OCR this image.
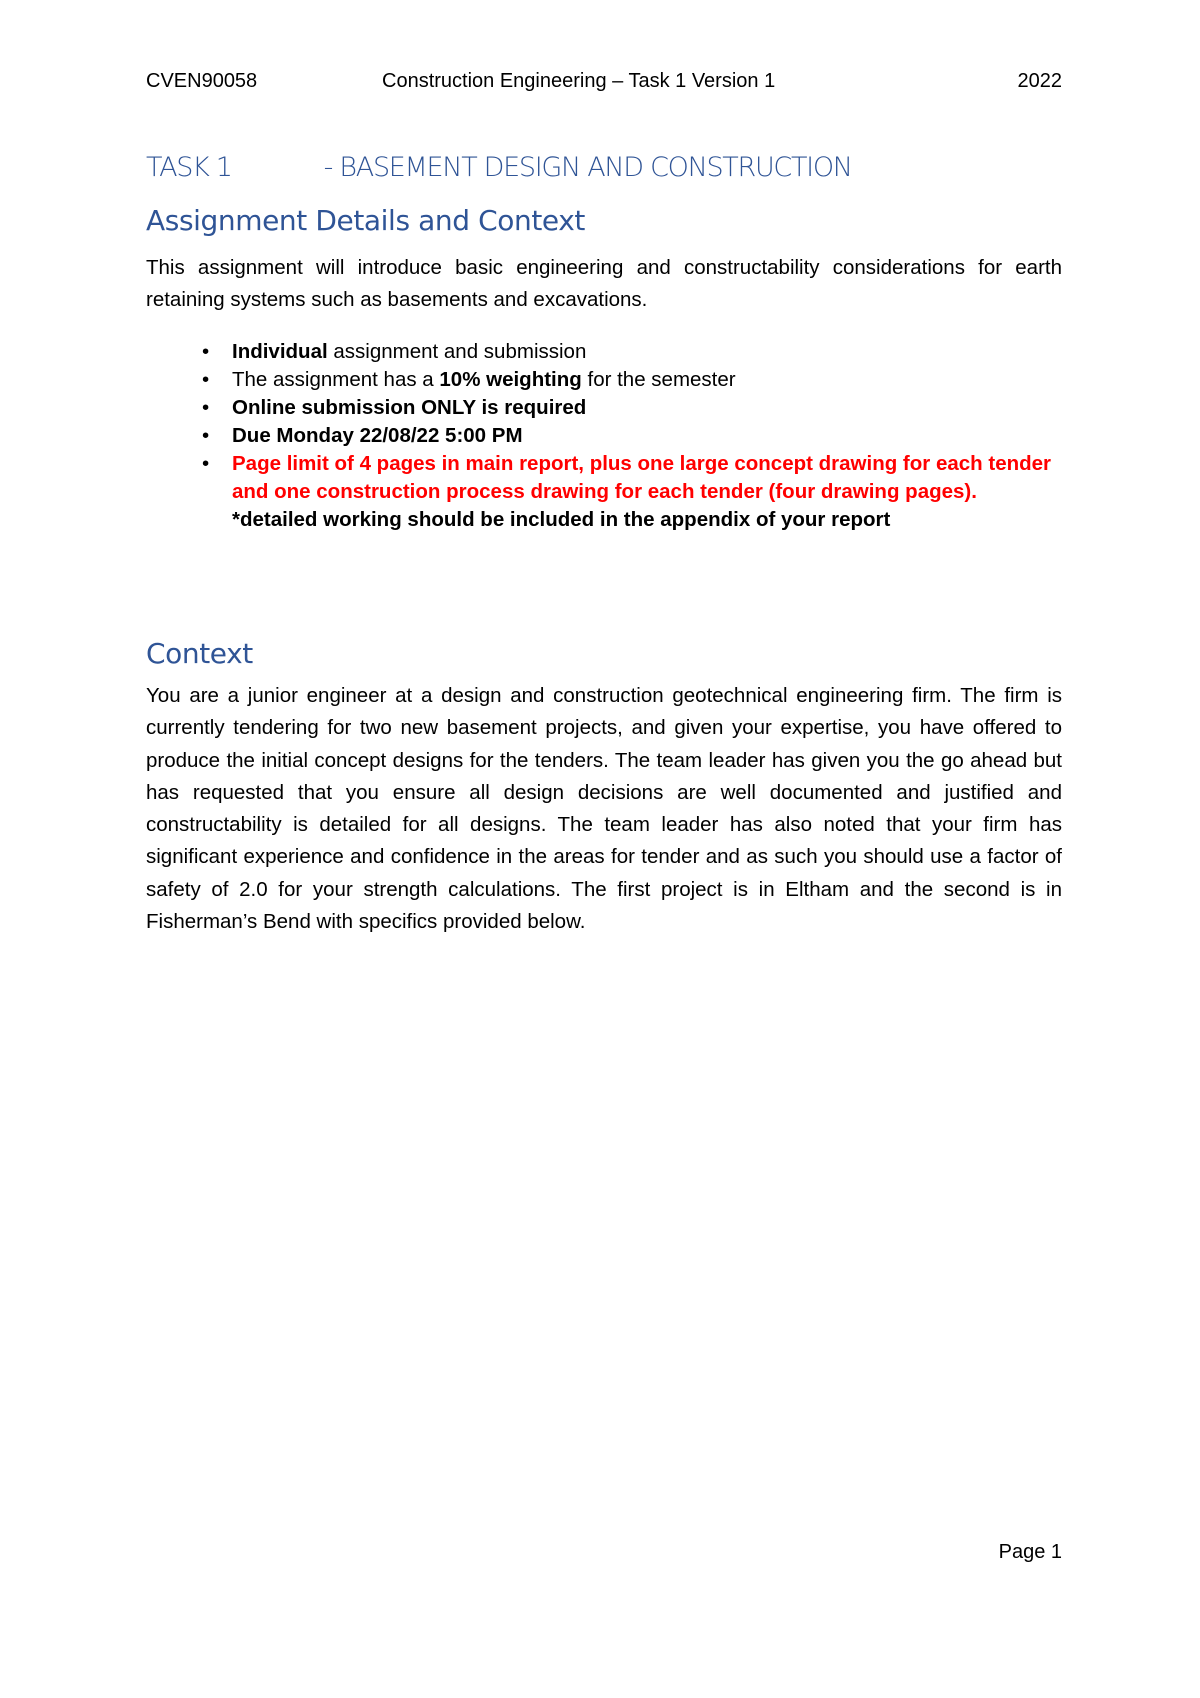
CVEN90058	Construction Engineering – Task 1 Version 1	2022
TASK 1	- BASEMENT DESIGN AND CONSTRUCTION
Assignment Details and Context

This assignment will introduce basic engineering and constructability considerations for earth retaining systems such as basements and excavations.

• Individual assignment and submission
• The assignment has a 10% weighting for the semester
• Online submission ONLY is required
• Due Monday 22/08/22 5:00 PM
• Page limit of 4 pages in main report, plus one large concept drawing for each tender and one construction process drawing for each tender (four drawing pages). *detailed working should be included in the appendix of your report
Context

You are a junior engineer at a design and construction geotechnical engineering firm. The firm is currently tendering for two new basement projects, and given your expertise, you have offered to produce the initial concept designs for the tenders. The team leader has given you the go ahead but has requested that you ensure all design decisions are well documented and justified and constructability is detailed for all designs. The team leader has also noted that your firm has significant experience and confidence in the areas for tender and as such you should use a factor of safety of 2.0 for your strength calculations. The first project is in Eltham and the second is in Fisherman’s Bend with specifics provided below.

Page 1
